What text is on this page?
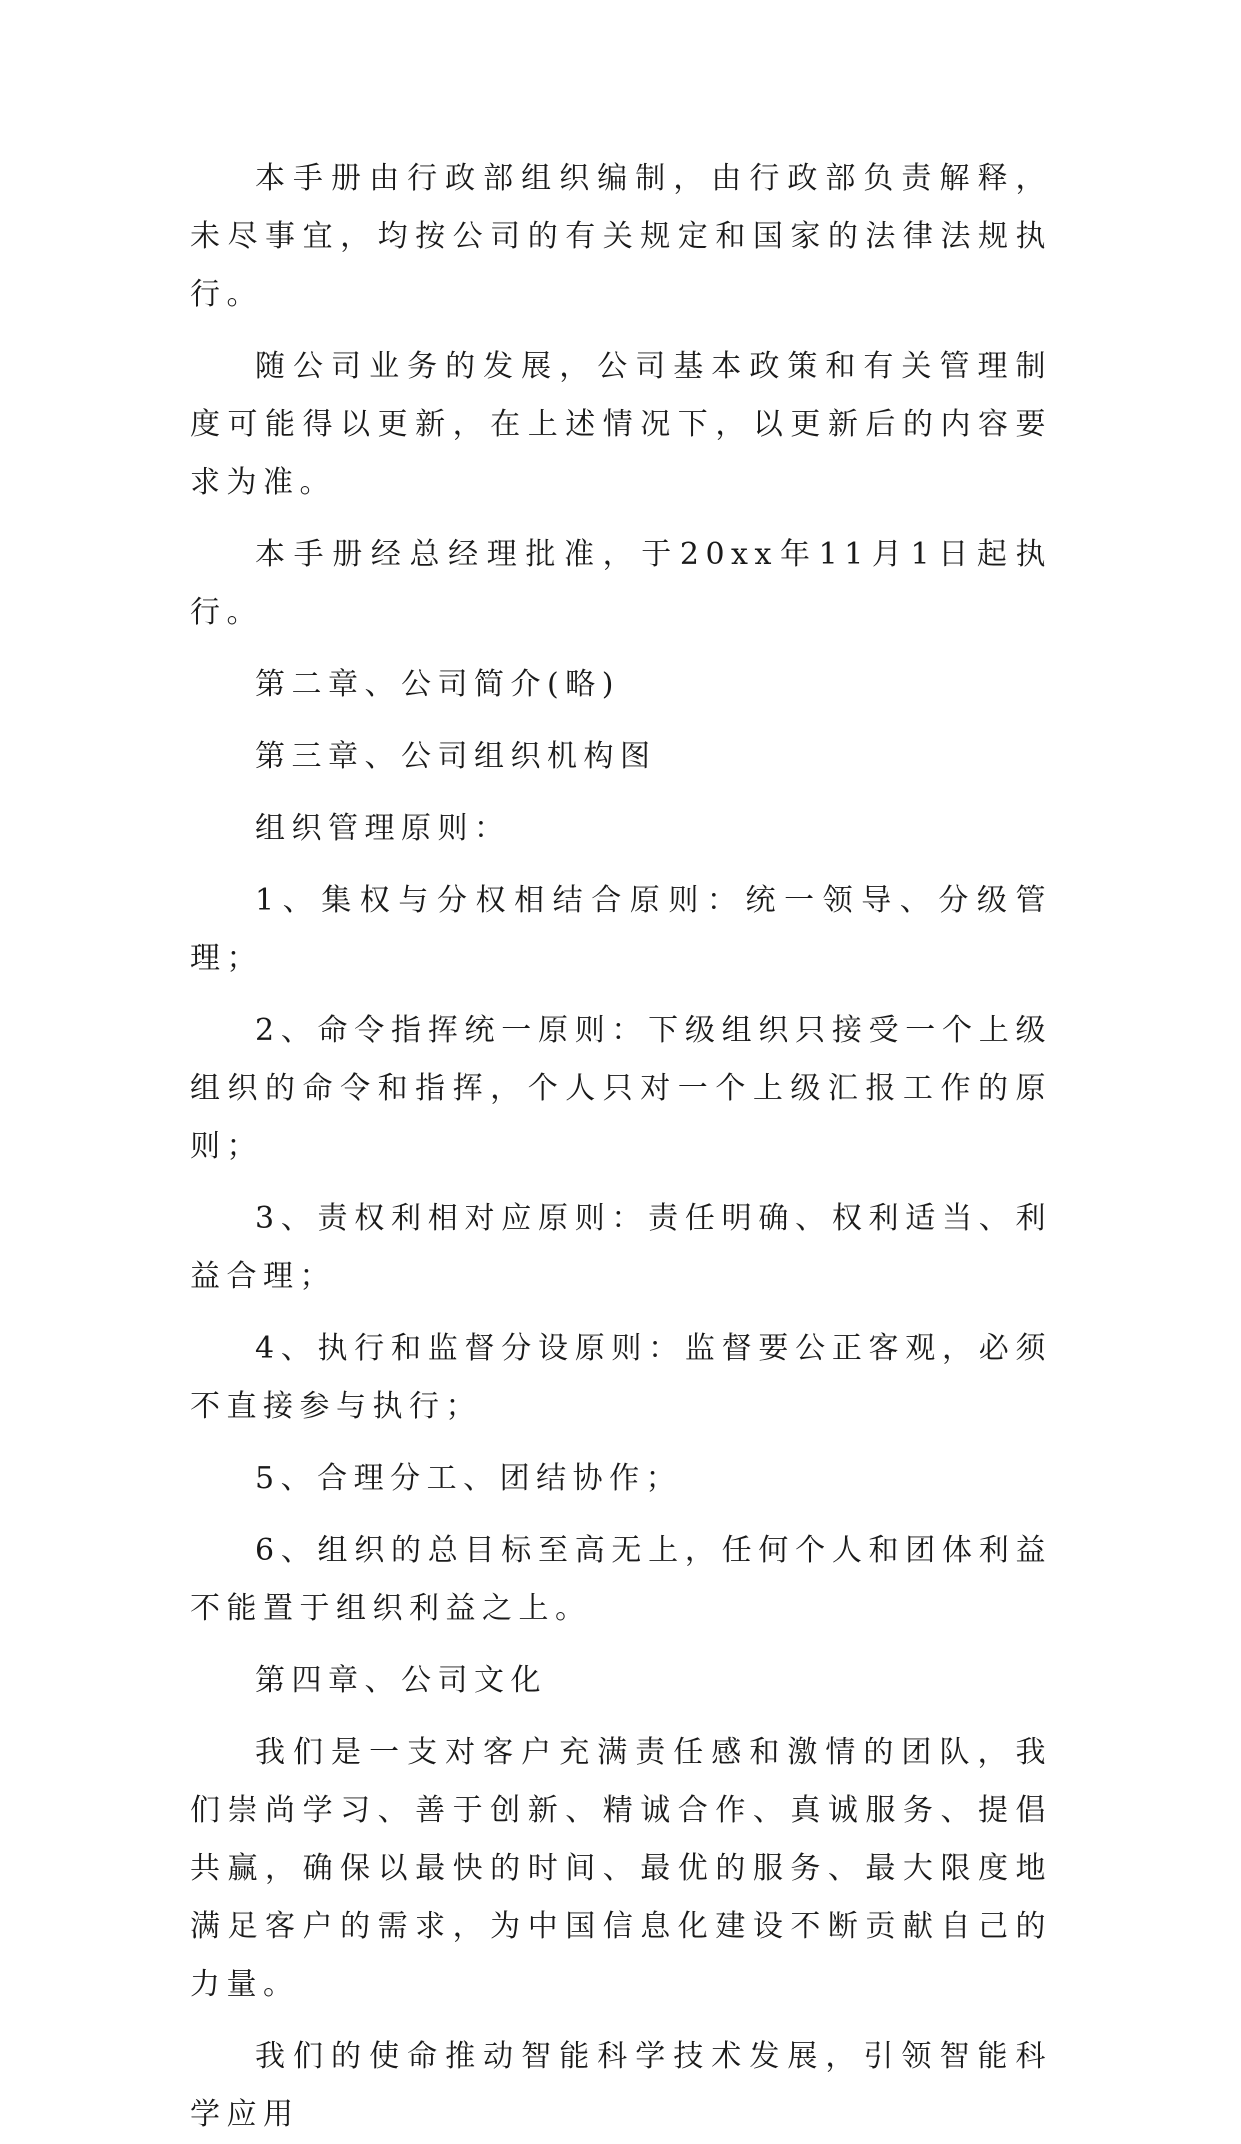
本手册由行政部组织编制，由行政部负责解释，未尽事宜，均按公司的有关规定和国家的法律法规执行。

随公司业务的发展，公司基本政策和有关管理制度可能得以更新，在上述情况下，以更新后的内容要求为准。

本手册经总经理批准，于20xx年11月1日起执行。

第二章、公司简介(略)

第三章、公司组织机构图

组织管理原则：

1、集权与分权相结合原则：统一领导、分级管理；

2、命令指挥统一原则：下级组织只接受一个上级组织的命令和指挥，个人只对一个上级汇报工作的原则；

3、责权利相对应原则：责任明确、权利适当、利益合理；

4、执行和监督分设原则：监督要公正客观，必须不直接参与执行；

5、合理分工、团结协作；

6、组织的总目标至高无上，任何个人和团体利益不能置于组织利益之上。

第四章、公司文化

我们是一支对客户充满责任感和激情的团队，我们崇尚学习、善于创新、精诚合作、真诚服务、提倡共赢，确保以最快的时间、最优的服务、最大限度地满足客户的需求，为中国信息化建设不断贡献自己的力量。

我们的使命推动智能科学技术发展，引领智能科学应用
